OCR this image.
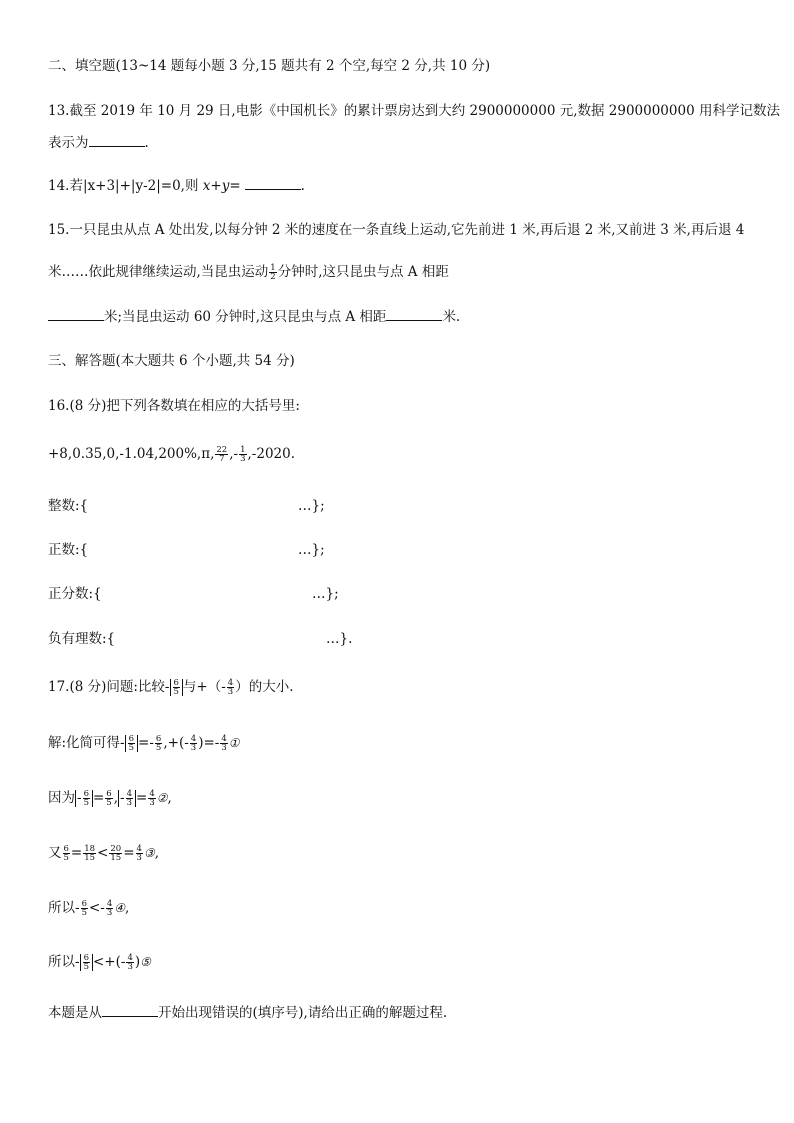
二、填空题(13~14 题每小题 3 分,15 题共有 2 个空,每空 2 分,共 10 分)
13.截至 2019 年 10 月 29 日,电影《中国机长》的累计票房达到大约 2900000000 元,数据 2900000000 用科学记数法
表示为	.
14.若|x+3|+|y-2|=0,则 x+y=	.
15.一只昆虫从点 A 处出发,以每分钟 2 米的速度在一条直线上运动,它先前进 1 米,再后退 2 米,又前进 3 米,再后退 4
米……依此规律继续运动,当昆虫运动 $\frac{1}{2}$ 分钟时,这只昆虫与点 A 相距
米;当昆虫运动 60 分钟时,这只昆虫与点 A 相距	米.
三、解答题(本大题共 6 个小题,共 54 分)
16.(8 分)把下列各数填在相应的大括号里:
+8,0.35,0,-1.04,200%,π, $\frac{22}{7}$ ,- $\frac{1}{3} ,-2020$.
整数:{	…};
正数:{	…};
正分数:{	…};
负有理数:{	…}.
17.(8 分)问题:比较- $\frac{6}{5}$ 与+（- $\frac{4}{3}$ ）的大小.
解:化简可得- $\frac{6}{5} =- \frac{6}{5}$ ,+(- $\frac{4}{3}$ )=- $\frac{4}{3}$ ①
因为 - $\frac{6}{5} = \frac{6}{5}$ , - $\frac{4}{3} = \frac{4}{3}$ ②,
又 $\frac{6}{5} = \frac{18}{15} < \frac{20}{15} = \frac{4}{3}$ ③,
所以- $\frac{6}{5} <- \frac{4}{3}$ ④,
所以- $\frac{6}{5}$ <+(- $\frac{4}{3}$ )⑤
本题是从	开始出现错误的(填序号),请给出正确的解题过程.
